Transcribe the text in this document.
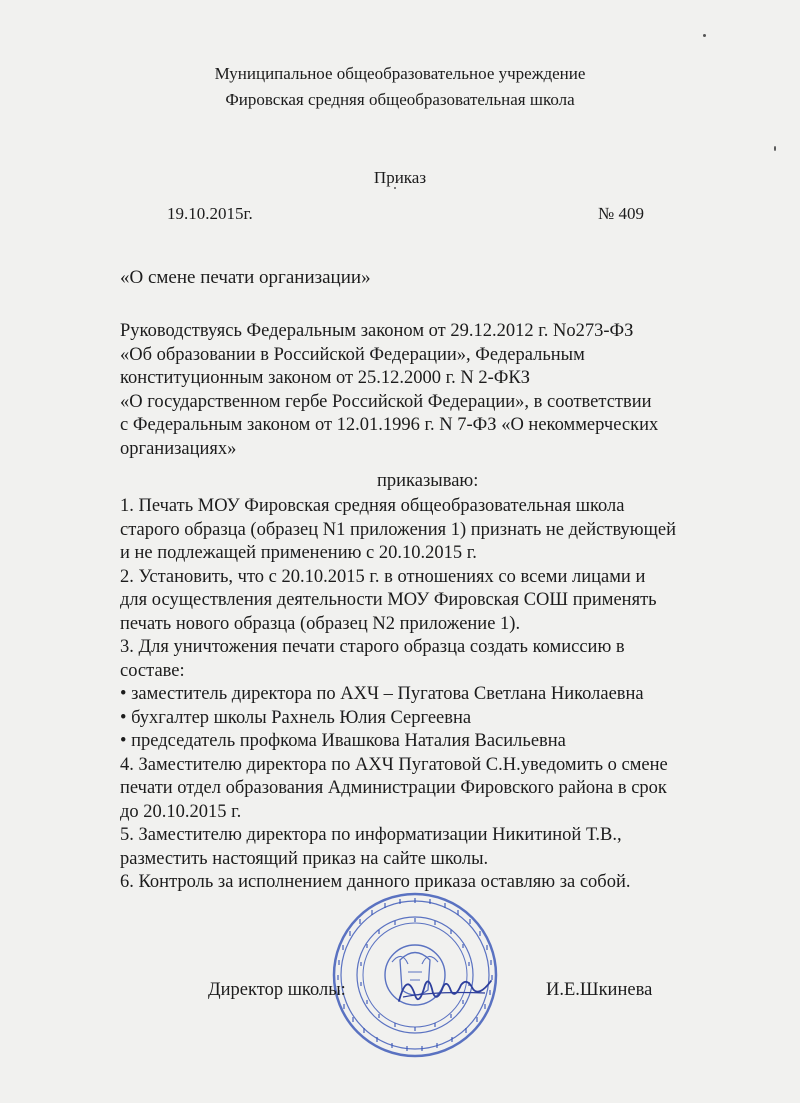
Муниципальное общеобразовательное учреждение
Фировская средняя общеобразовательная школа
Приказ
19.10.2015г.	№ 409
«О смене печати организации»
Руководствуясь Федеральным законом от 29.12.2012 г. No273-ФЗ
«Об образовании в Российской Федерации», Федеральным
конституционным законом от 25.12.2000 г. N 2-ФКЗ
«О государственном гербе Российской Федерации», в соответствии
с Федеральным законом от 12.01.1996 г. N 7-ФЗ «О некоммерческих
организациях»
приказываю:
1. Печать МОУ Фировская средняя общеобразовательная школа
старого образца (образец N1 приложения 1) признать не действующей
и не подлежащей применению с 20.10.2015 г.
2. Установить, что с 20.10.2015 г. в отношениях со всеми лицами и
для осуществления деятельности МОУ Фировская СОШ применять
печать нового образца (образец N2 приложение 1).
3. Для уничтожения печати старого образца создать комиссию в
составе:
• заместитель директора по АХЧ – Пугатова Светлана Николаевна
• бухгалтер школы Рахнель Юлия Сергеевна
• председатель профкома Ивашкова Наталия Васильевна
4. Заместителю директора по АХЧ Пугатовой С.Н.уведомить о смене
печати отдел образования Администрации Фировского района в срок
до 20.10.2015 г.
5. Заместителю директора по информатизации Никитиной Т.В.,
разместить настоящий приказ на сайте школы.
6. Контроль за исполнением данного приказа оставляю за собой.
Директор школы:	И.Е.Шкинева
